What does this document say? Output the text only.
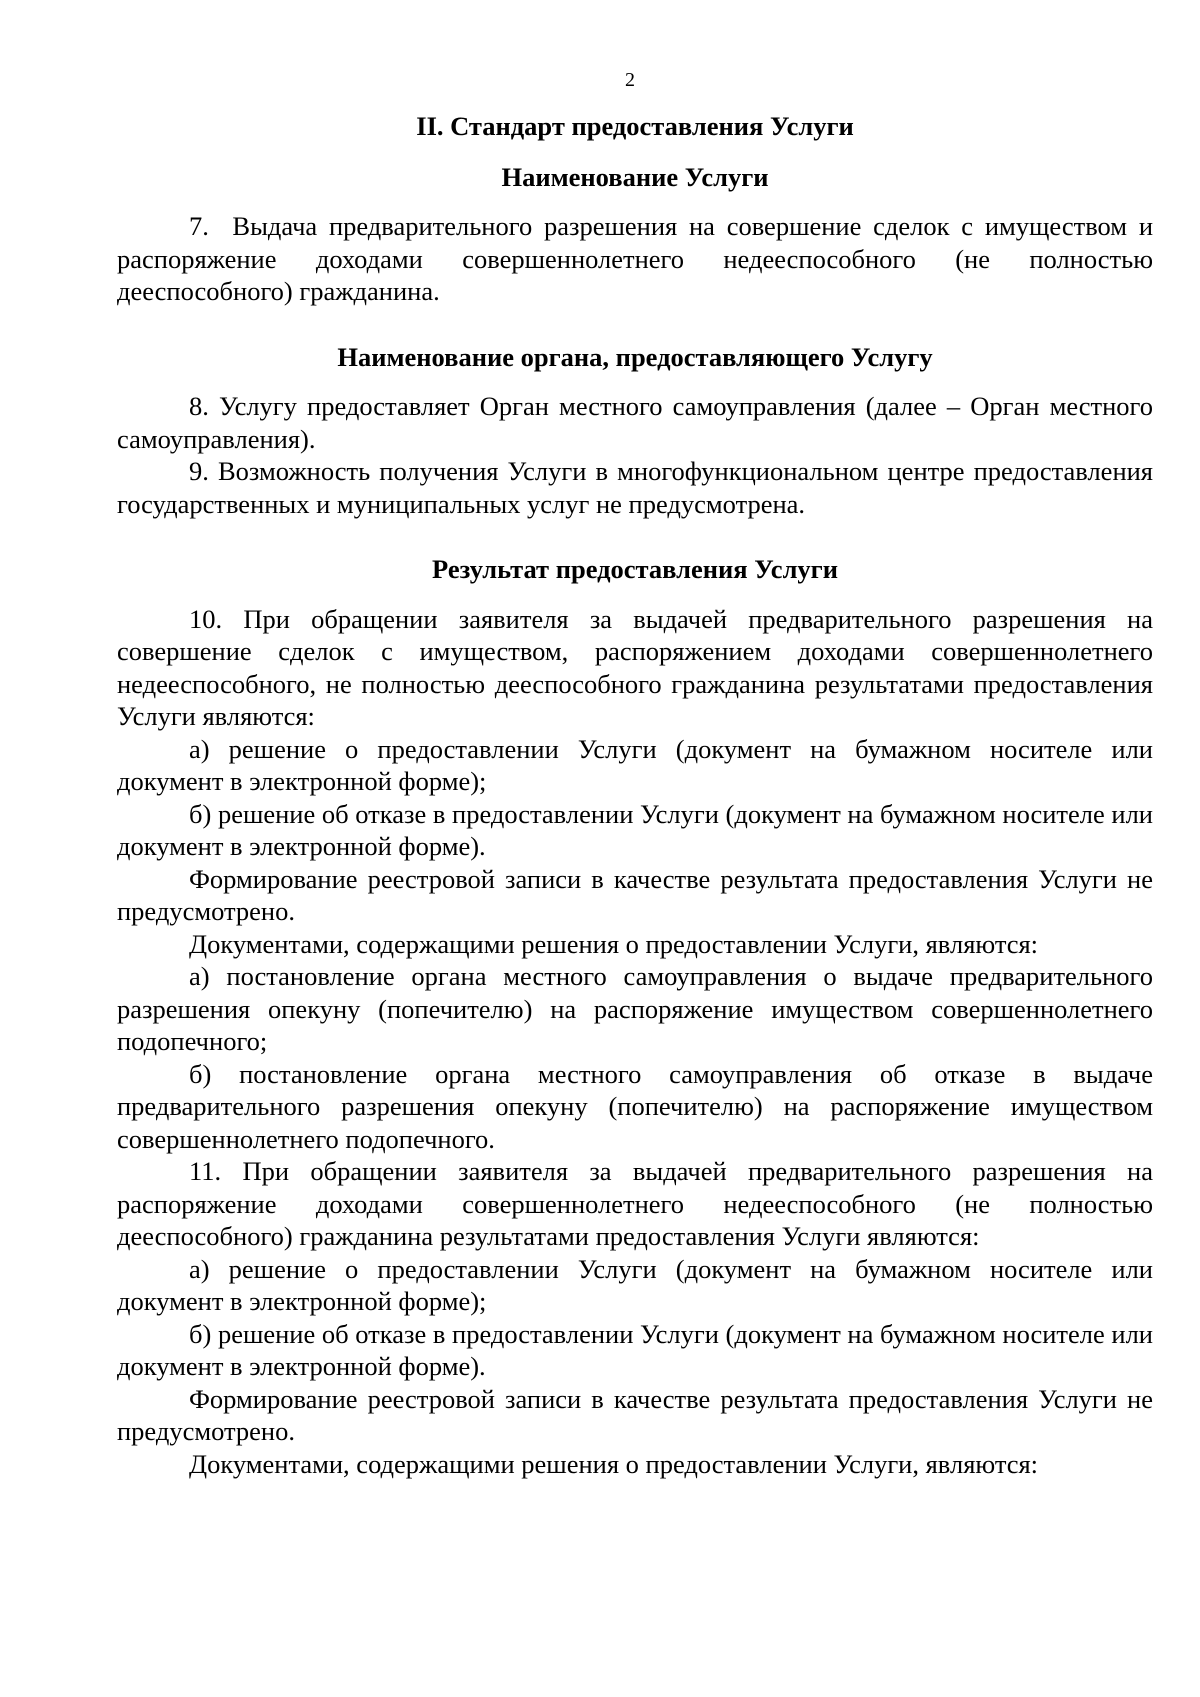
2

II. Стандарт предоставления Услуги

Наименование Услуги

7.  Выдача предварительного разрешения на совершение сделок с имуществом и распоряжение доходами совершеннолетнего недееспособного (не полностью дееспособного) гражданина.

Наименование органа, предоставляющего Услугу

8. Услугу предоставляет Орган местного самоуправления (далее – Орган местного самоуправления).

9. Возможность получения Услуги в многофункциональном центре предоставления государственных и муниципальных услуг не предусмотрена.

Результат предоставления Услуги

10. При обращении заявителя за выдачей предварительного разрешения на совершение сделок с имуществом, распоряжением доходами совершеннолетнего недееспособного, не полностью дееспособного гражданина результатами предоставления Услуги являются:

а) решение о предоставлении Услуги (документ на бумажном носителе или документ в электронной форме);

б) решение об отказе в предоставлении Услуги (документ на бумажном носителе или документ в электронной форме).

Формирование реестровой записи в качестве результата предоставления Услуги не предусмотрено.

Документами, содержащими решения о предоставлении Услуги, являются:

а) постановление органа местного самоуправления о выдаче предварительного разрешения опекуну (попечителю) на распоряжение имуществом совершеннолетнего подопечного;

б) постановление органа местного самоуправления об отказе в выдаче предварительного разрешения опекуну (попечителю) на распоряжение имуществом совершеннолетнего подопечного.

11. При обращении заявителя за выдачей предварительного разрешения на распоряжение доходами совершеннолетнего недееспособного (не полностью дееспособного) гражданина результатами предоставления Услуги являются:

а) решение о предоставлении Услуги (документ на бумажном носителе или документ в электронной форме);

б) решение об отказе в предоставлении Услуги (документ на бумажном носителе или документ в электронной форме).

Формирование реестровой записи в качестве результата предоставления Услуги не предусмотрено.

Документами, содержащими решения о предоставлении Услуги, являются:
